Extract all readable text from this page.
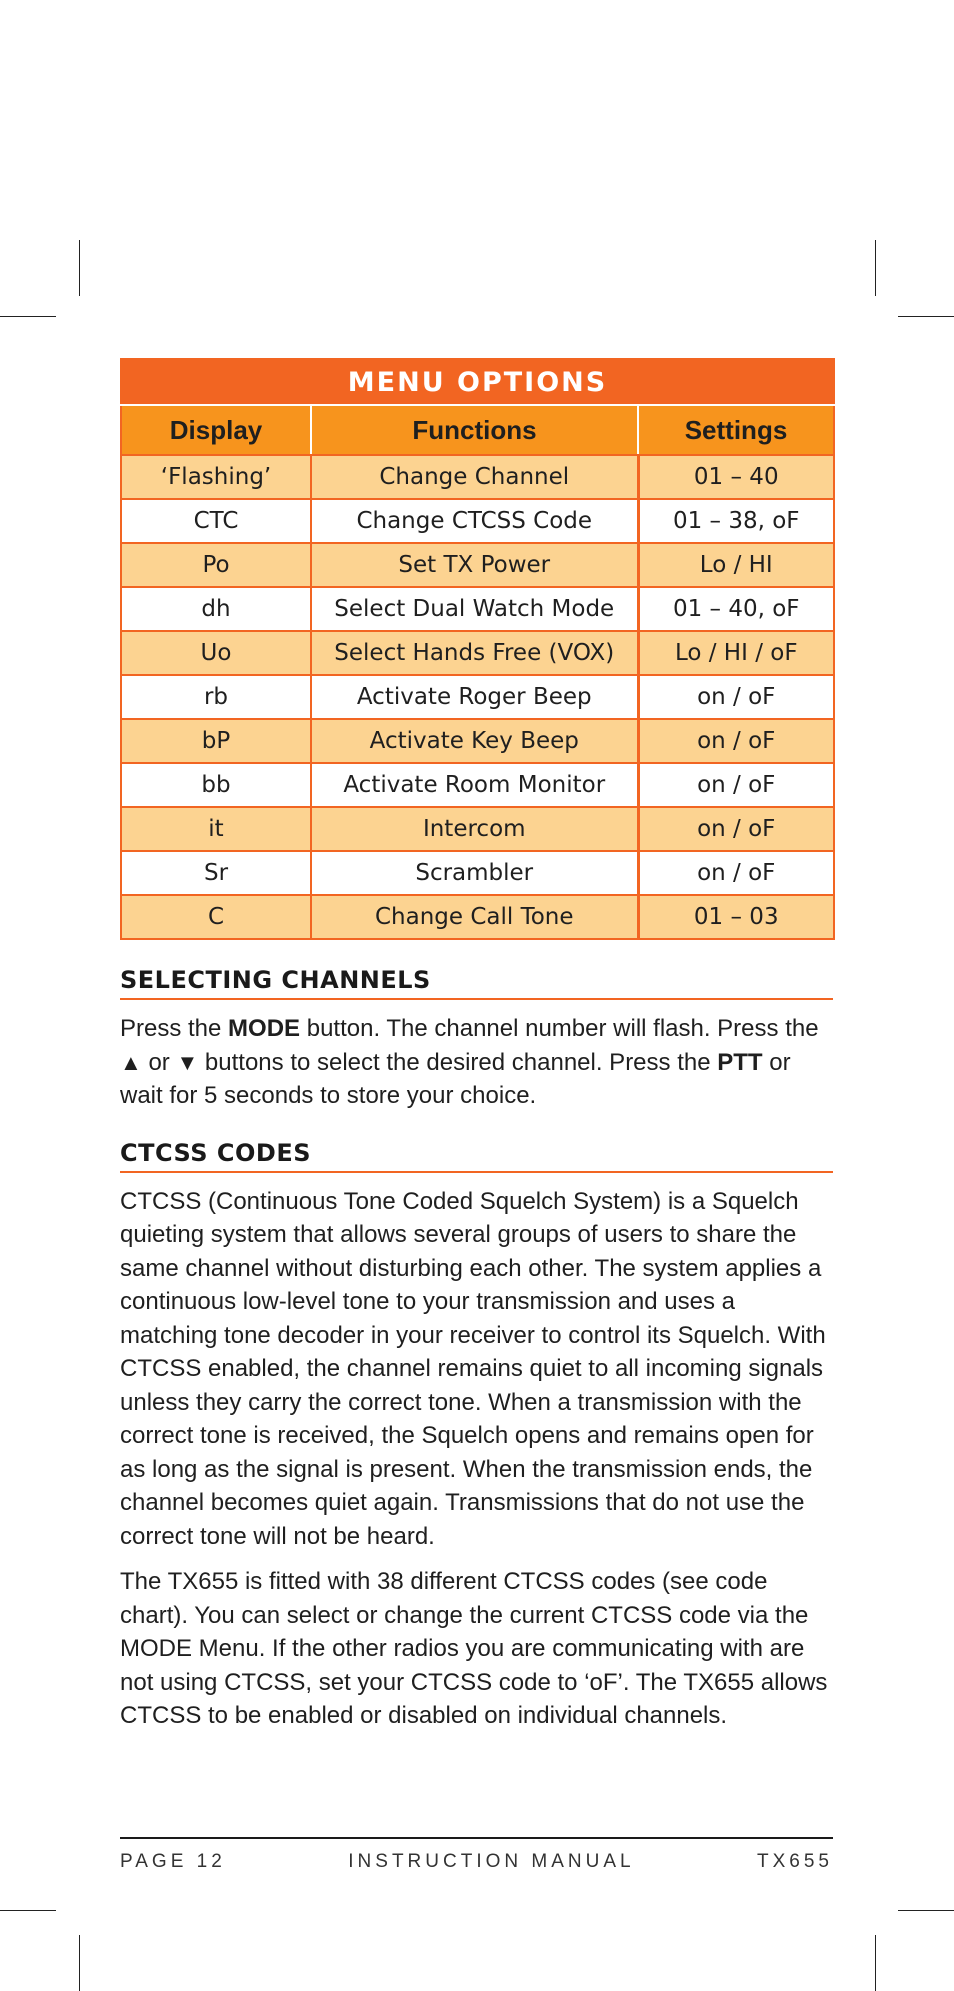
MENU OPTIONS		
Display	Functions	Settings
‘Flashing’	Change Channel	01 – 40
CTC	Change CTCSS Code	01 – 38, oF
Po	Set TX Power	Lo / HI
dh	Select Dual Watch Mode	01 – 40, oF
Uo	Select Hands Free (VOX)	Lo / HI / oF
rb	Activate Roger Beep	on / oF
bP	Activate Key Beep	on / oF
bb	Activate Room Monitor	on / oF
it	Intercom	on / oF
Sr	Scrambler	on / oF
C	Change Call Tone	01 – 03
SELECTING CHANNELS

Press the MODE button. The channel number will flash. Press the ▲ or ▼ buttons to select the desired channel. Press the PTT or wait for 5 seconds to store your choice.

CTCSS CODES

CTCSS (Continuous Tone Coded Squelch System) is a Squelch quieting system that allows several groups of users to share the same channel without disturbing each other. The system applies a continuous low-level tone to your transmission and uses a matching tone decoder in your receiver to control its Squelch. With CTCSS enabled, the channel remains quiet to all incoming signals unless they carry the correct tone. When a transmission with the correct tone is received, the Squelch opens and remains open for as long as the signal is present. When the transmission ends, the channel becomes quiet again. Transmissions that do not use the correct tone will not be heard.

The TX655 is fitted with 38 different CTCSS codes (see code chart). You can select or change the current CTCSS code via the MODE Menu. If the other radios you are communicating with are not using CTCSS, set your CTCSS code to ‘oF’. The TX655 allows CTCSS to be enabled or disabled on individual channels.

PAGE 12	INSTRUCTION MANUAL	TX655
